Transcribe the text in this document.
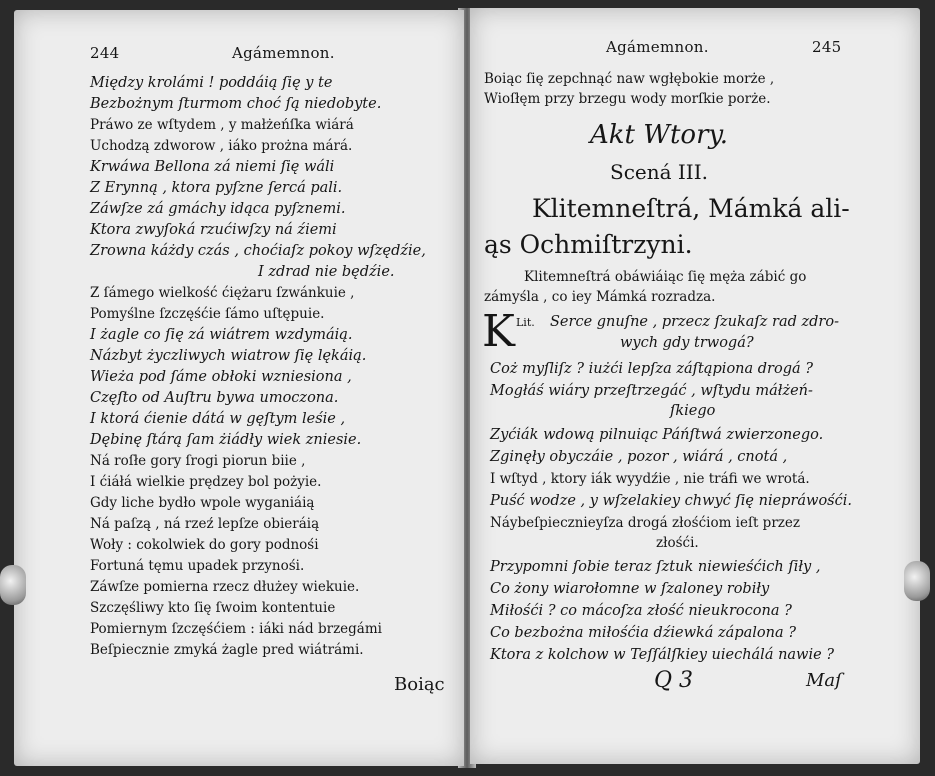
244	Agámemnon.
Między krolámi ! poddáią ſię y te
Bezbożnym ſturmom choć ſą niedobyte.
Práwo ze wſtydem , y małżeńſka wiárá
Uchodzą zdworow , iáko prożna márá.
Krwáwa Bellona zá niemi ſię wáli
Z Erynną , ktora pyſzne ſercá pali.
Záwſze zá gmáchy idąca pyſznemi.
Ktora zwyſoká rzućiwſzy ná źiemi
Zrowna káżdy czás , choćiaſz pokoy wſzędźie,
I zdrad nie będźie.
Z ſámego wielkość ćiężaru ſzwánkuie ,
Pomyślne ſzczęśćie ſámo uſtępuie.
I żagle co ſię zá wiátrem wzdymáią.
Názbyt życzliwych wiatrow ſię lękáią.
Wieża pod ſáme obłoki wzniesiona ,
Częſto od Auſtru bywa umoczona.
I ktorá ćienie dátá w gęſtym leśie ,
Dębinę ſtárą ſam żiádły wiek zniesie.
Ná roſłe gory ſrogi piorun biie ,
I ćiáłá wielkie prędzey bol pożyie.
Gdy liche bydło wpole wyganiáią
Ná paſzą , ná rzeź lepſze obieráią
Woły : cokolwiek do gory podnośi
Fortuná tęmu upadek przynośi.
Záwſze pomierna rzecz dłużey wiekuie.
Szczęśliwy kto ſię ſwoim kontentuie
Pomiernym ſzczęśćiem : iáki nád brzegámi
Beſpiecznie zmyká żagle pred wiátrámi.
Boiąc
Agámemnon.	245
Boiąc ſię zepchnąć naw wgłębokie morże ,
Wioſłęm przy brzegu wody morſkie porże.
Akt Wtory.
Scená III.
Klitemneſtrá, Mámká ali-
ąs Ochmiſtrzyni.
Klitemneſtrá obáwiáiąc ſię męża zábić go
zámyśla , co iey Mámká rozradza.
K Lit. Serce gnuſne , przecz ſzukaſz rad zdro-
wych gdy trwogá?
Coż myſliſz ? iużći lepſza záſtąpiona drogá ?
Mogłáś wiáry przeſtrzegáć , wſtydu máłżeń-
ſkiego
Zyćiák wdową pilnuiąc Páńſtwá zwierzonego.
Zginęły obyczáie , pozor , wiárá , cnotá ,
I wſtyd , ktory iák wyydźie , nie tráfi we wrotá.
Puść wodze , y wſzelakiey chwyć ſię niepráwośći.
Náybeſpiecznieyſza drogá złośćiom ieſt przez
złośći.
Przypomni ſobie teraz ſztuk niewieśćich ſiły ,
Co żony wiarołomne w ſzaloney robiły
Miłośći ? co mácoſza złość nieukrocona ?
Co bezbożna miłośćia dźiewká zápalona ?
Ktora z kolchow w Teſſálſkiey uiechálá nawie ?
Q 3	Maſ
